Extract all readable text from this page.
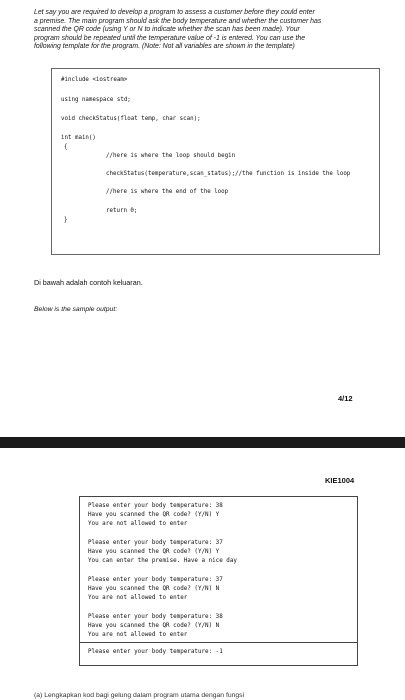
Let say you are required to develop a program to assess a customer before they could enter
a premise. The main program should ask the body temperature and whether the customer has
scanned the QR code (using Y or N to indicate whether the scan has been made). Your
program should be repeated until the temperature value of -1 is entered. You can use the
following template for the program. (Note: Not all variables are shown in the template)
#include <iostream>
using namespace std;
void checkStatus(float temp, char scan);
int main()
{
//here is where the loop should begin
checkStatus(temperature,scan_status);//the function is inside the loop
//here is where the end of the loop
return 0;
}
Di bawah adalah contoh keluaran.
Below is the sample output:
4/12
KIE1004
Please enter your body temperature: 38
Have you scanned the QR code? (Y/N) Y
You are not allowed to enter
Please enter your body temperature: 37
Have you scanned the QR code? (Y/N) Y
You can enter the premise. Have a nice day
Please enter your body temperature: 37
Have you scanned the QR code? (Y/N) N
You are not allowed to enter
Please enter your body temperature: 38
Have you scanned the QR code? (Y/N) N
You are not allowed to enter
Please enter your body temperature: -1
(a) Lengkapkan kod bagi gelung dalam program utama dengan fungsi
